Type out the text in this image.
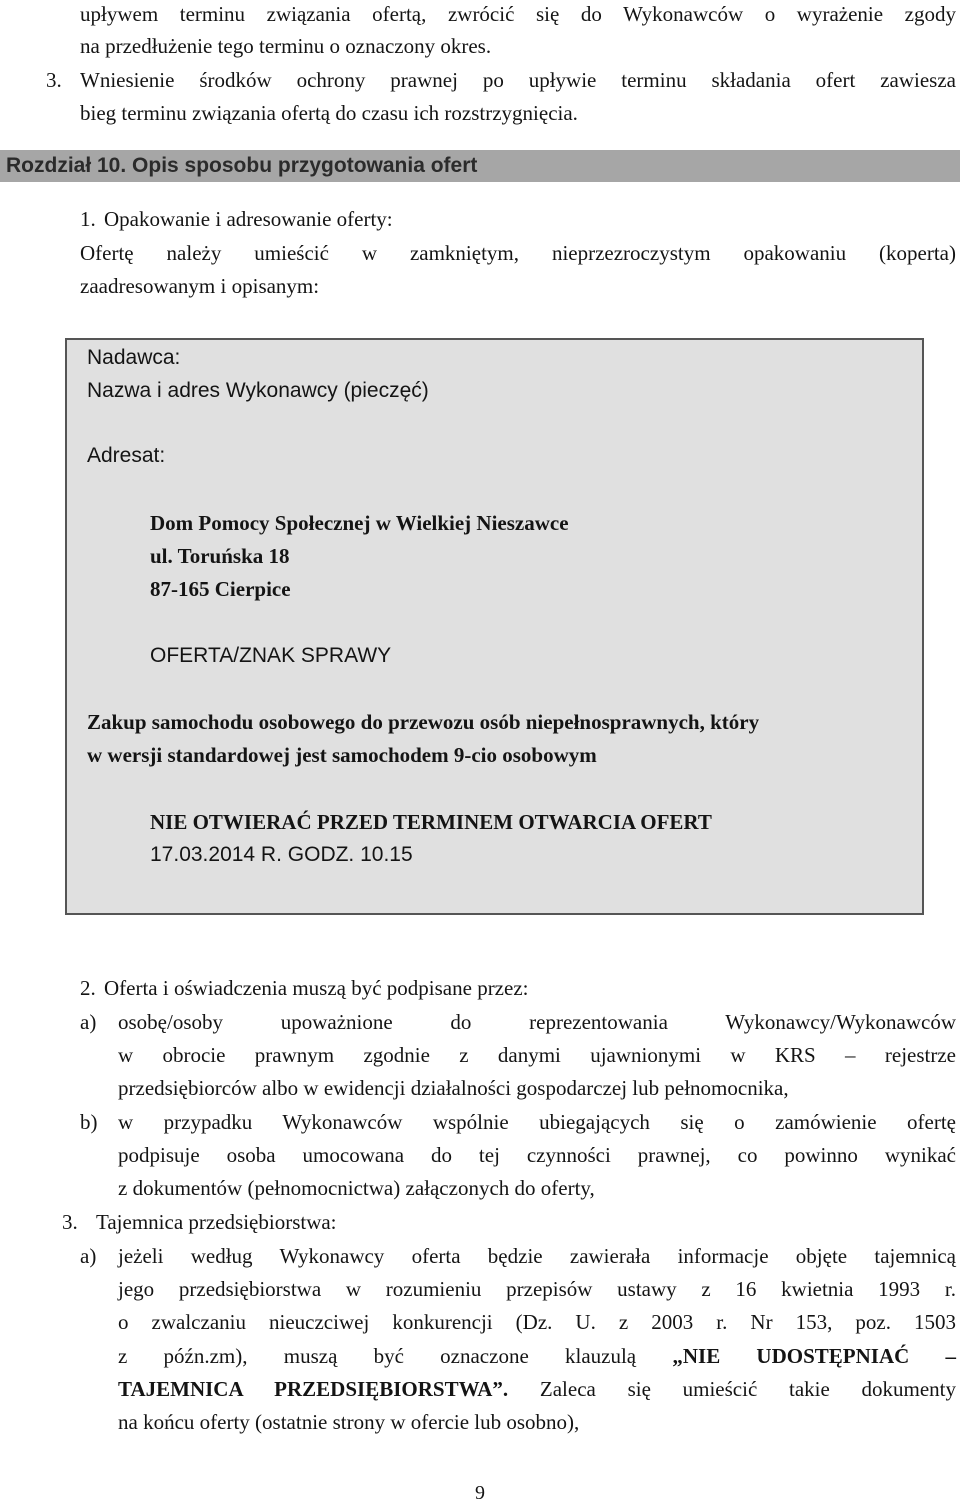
upływem terminu związania ofertą, zwrócić się do Wykonawców o wyrażenie zgody
na przedłużenie tego terminu o oznaczony okres.
3. Wniesienie środków ochrony prawnej po upływie terminu składania ofert zawiesza
bieg terminu związania ofertą do czasu ich rozstrzygnięcia.
Rozdział 10. Opis sposobu przygotowania ofert
1. Opakowanie i adresowanie oferty:
Ofertę należy umieścić w zamkniętym, nieprzezroczystym opakowaniu (koperta)
zaadresowanym i opisanym:
Nadawca:
Nazwa i adres Wykonawcy (pieczęć)
Adresat:
Dom Pomocy Społecznej w Wielkiej Nieszawce
ul. Toruńska 18
87-165 Cierpice
OFERTA/ZNAK SPRAWY
Zakup samochodu osobowego do przewozu osób niepełnosprawnych, który
w wersji standardowej jest samochodem 9-cio osobowym
NIE OTWIERAĆ PRZED TERMINEM OTWARCIA OFERT
17.03.2014 R. GODZ. 10.15
2. Oferta i oświadczenia muszą być podpisane przez:
a) osobę/osoby upoważnione do reprezentowania Wykonawcy/Wykonawców
w obrocie prawnym zgodnie z danymi ujawnionymi w KRS – rejestrze
przedsiębiorców albo w ewidencji działalności gospodarczej lub pełnomocnika,
b) w przypadku Wykonawców wspólnie ubiegających się o zamówienie ofertę
podpisuje osoba umocowana do tej czynności prawnej, co powinno wynikać
z dokumentów (pełnomocnictwa) załączonych do oferty,
3. Tajemnica przedsiębiorstwa:
a) jeżeli według Wykonawcy oferta będzie zawierała informacje objęte tajemnicą
jego przedsiębiorstwa w rozumieniu przepisów ustawy z 16 kwietnia 1993 r.
o zwalczaniu nieuczciwej konkurencji (Dz. U. z 2003 r. Nr 153, poz. 1503
z późn.zm), muszą być oznaczone klauzulą „NIE UDOSTĘPNIAĆ –
TAJEMNICA PRZEDSIĘBIORSTWA”. Zaleca się umieścić takie dokumenty
na końcu oferty (ostatnie strony w ofercie lub osobno),
9
